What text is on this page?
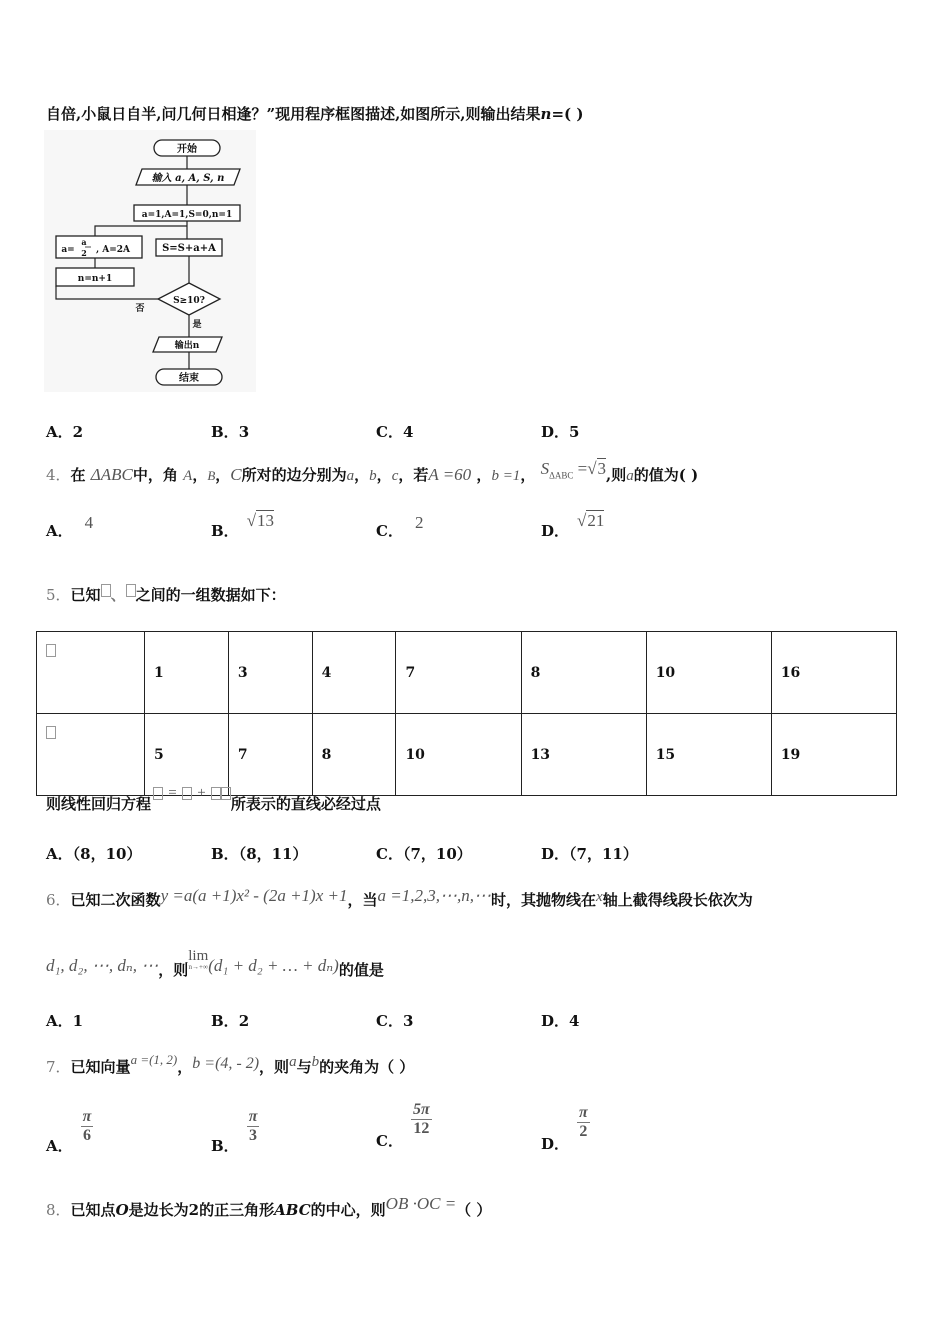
自倍,小鼠日自半,问几何日相逢？”现用程序框图描述,如图所示,则输出结果n=( )
开始
输入 a, A, S, n
a=1,A=1,S=0,n=1
S=S+a+A
a=
a
2 , A=2A
n=n+1
S≥10?
否
是
输出n
结束
A．2	B．3	C．4	D．5
4．在 ΔABC中，角 A，B，C所对的边分别为a，b，c，若A =60 ，b =1， $S_{\Delta ABC} =√3$,则a的值为( )
A． 4	B．√13
C． 2	D．√21
5．已知 、 之间的一组数据如下：
	1	3	4	7	8	10	16
	5	7	8	10	13	15	19
则线性回归方程 = + 所表示的直线必经过点
A．（8，10）	B．（8，11）	C．（7，10）	D．（7，11）
6．已知二次函数y =a(a +1)x² - (2a +1)x +1，当a =1,2,3,⋯,n,⋯时，其抛物线在x轴上截得线段长依次为
d₁, d₂, ⋯, dₙ, ⋯，则
lim
n→+∞ (d₁ + d₂ + … + dₙ)的值是
A．1	B．2	C．3	D．4
7．已知向量a =(1, 2)，b =(4, - 2)，则a与b的夹角为（ ）
A．
$\frac{\pi}{6}$
B．
$\frac{\pi}{3}$	C．
$\frac{5\pi}{12}$
D．
$\frac{\pi}{2}$
8．已知点O是边长为2的正三角形ABC的中心，则OB ·OC =（ ）
